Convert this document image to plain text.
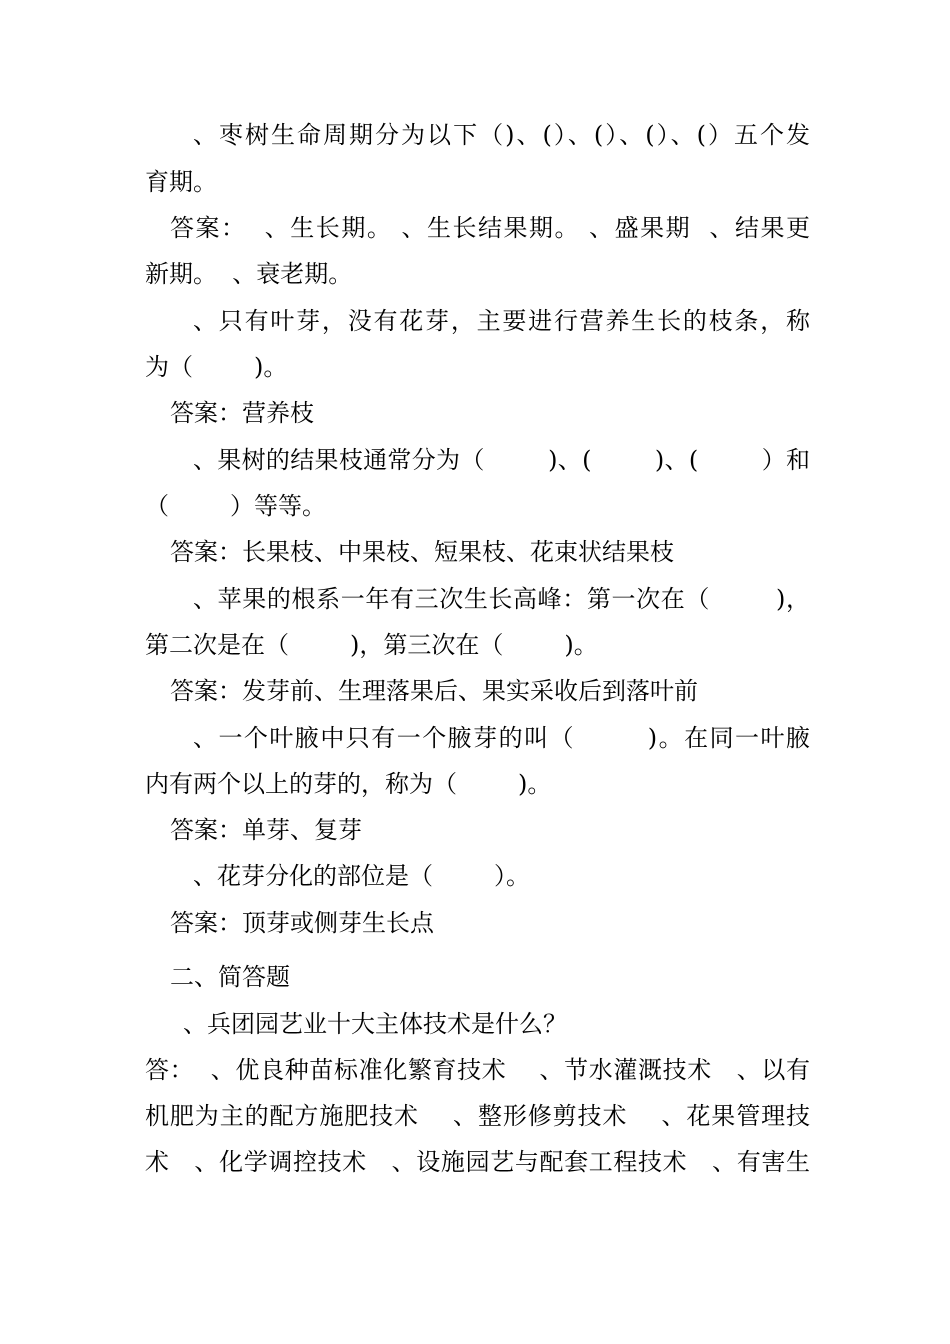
、枣树生命周期分为以下（)、(）、(）、(）、(）五个发
育期。
答案：  、生长期。 、生长结果期。 、盛果期  、结果更
新期。  、衰老期。
、只有叶芽，没有花芽，主要进行营养生长的枝条，称
为（        )。
答案：营养枝
、果树的结果枝通常分为（        )、(        )、(        ）和
（        ）等等。
答案：长果枝、中果枝、短果枝、花束状结果枝
、苹果的根系一年有三次生长高峰：第一次在（        )，
第二次是在（        )，第三次在（        )。
答案：发芽前、生理落果后、果实采收后到落叶前
、一个叶腋中只有一个腋芽的叫（        )。在同一叶腋
内有两个以上的芽的，称为（        )。
答案：单芽、复芽
、花芽分化的部位是（        ）。
答案：顶芽或侧芽生长点
二、简答题
、兵团园艺业十大主体技术是什么？
答：  、优良种苗标准化繁育技术    、节水灌溉技术   、以有
机肥为主的配方施肥技术    、整形修剪技术    、花果管理技
术   、化学调控技术   、设施园艺与配套工程技术   、有害生
